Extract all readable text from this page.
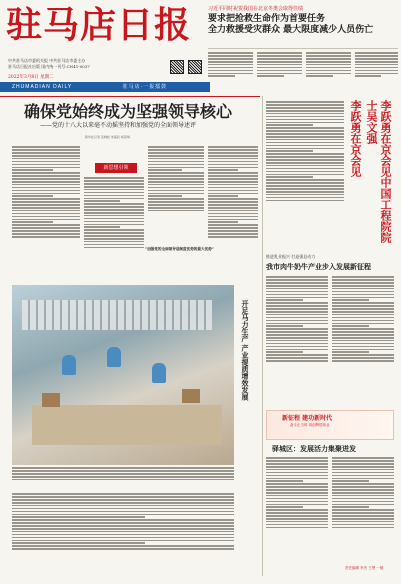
驻马店日报
中共驻马店市委机关报 中共驻马店市委主办
驻马店日报社出版 国内统一刊号:CN41-0037
2022年3月8日 星期二
ZHUMADIAN DAILY	驻马店·一报擂鼓
习近平同时祝贺我国在北京冬奥会取得佳绩
要求把抢救生命作为首要任务
全力救援受灾群众 最大限度减少人员伤亡
确保党始终成为坚强领导核心
——党的十八大以来毫不动摇坚持和加强党的全面领导述评
新华社记者 张晓松 朱基钗 杨思琪
新思想引领
“加强党的全面领导是制度优势的最大优势”
开足马力生产 产业提质增效发展
李跃勇在京会见	李跃勇在京会见中国工程院院士吴文强
推进乳业振兴 打造强县动力
我市肉牛奶牛产业步入发展新征程
新征程 建功新时代
奋斗正当时 再创辉煌伟业
驿城区：发展活力集聚迸发
责任编辑 李杰 王贤 一版
